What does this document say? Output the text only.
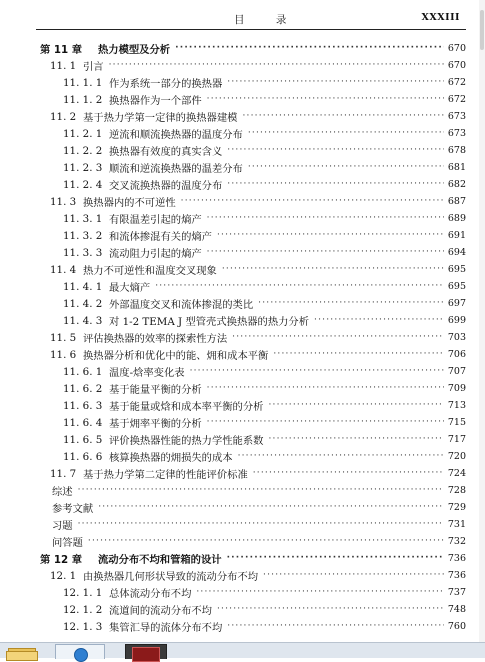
目 录	XXXIII
第 11 章	热力模型及分析 ·····	670
11. 1 引言 ·····	670
11. 1. 1 作为系统一部分的换热器 ·····	672
11. 1. 2 换热器作为一个部件 ·····	672
11. 2 基于热力学第一定律的换热器建模 ·····	673
11. 2. 1 逆流和顺流换热器的温度分布 ·····	673
11. 2. 2 换热器有效度的真实含义 ·····	678
11. 2. 3 顺流和逆流换热器的温差分布 ·····	681
11. 2. 4 交叉流换热器的温度分布 ·····	682
11. 3 换热器内的不可逆性 ·····	687
11. 3. 1 有限温差引起的熵产 ·····	689
11. 3. 2 和流体掺混有关的熵产 ·····	691
11. 3. 3 流动阻力引起的熵产 ·····	694
11. 4 热力不可逆性和温度交叉现象 ·····	695
11. 4. 1 最大熵产 ·····	695
11. 4. 2 外部温度交叉和流体掺混的类比 ·····	697
11. 4. 3 对 1-2 TEMA J 型管壳式换热器的热力分析 ·····	699
11. 5 评估换热器的效率的探索性方法 ·····	703
11. 6 换热器分析和优化中的能、㶲和成本平衡 ·····	706
11. 6. 1 温度-焓率变化表 ·····	707
11. 6. 2 基于能量平衡的分析 ·····	709
11. 6. 3 基于能量或焓和成本率平衡的分析 ·····	713
11. 6. 4 基于㶲率平衡的分析 ·····	715
11. 6. 5 评价换热器性能的热力学性能系数 ·····	717
11. 6. 6 核算换热器的㶲损失的成本 ·····	720
11. 7 基于热力学第二定律的性能评价标准 ·····	724
综述 ·····	728
参考文献 ·····	729
习题 ·····	731
问答题 ·····	732
第 12 章	流动分布不均和管箱的设计 ·····	736
12. 1 由换热器几何形状导致的流动分布不均 ·····	736
12. 1. 1 总体流动分布不均 ·····	737
12. 1. 2 流道间的流动分布不均 ·····	748
12. 1. 3 集管汇导的流体分布不均 ·····	760
